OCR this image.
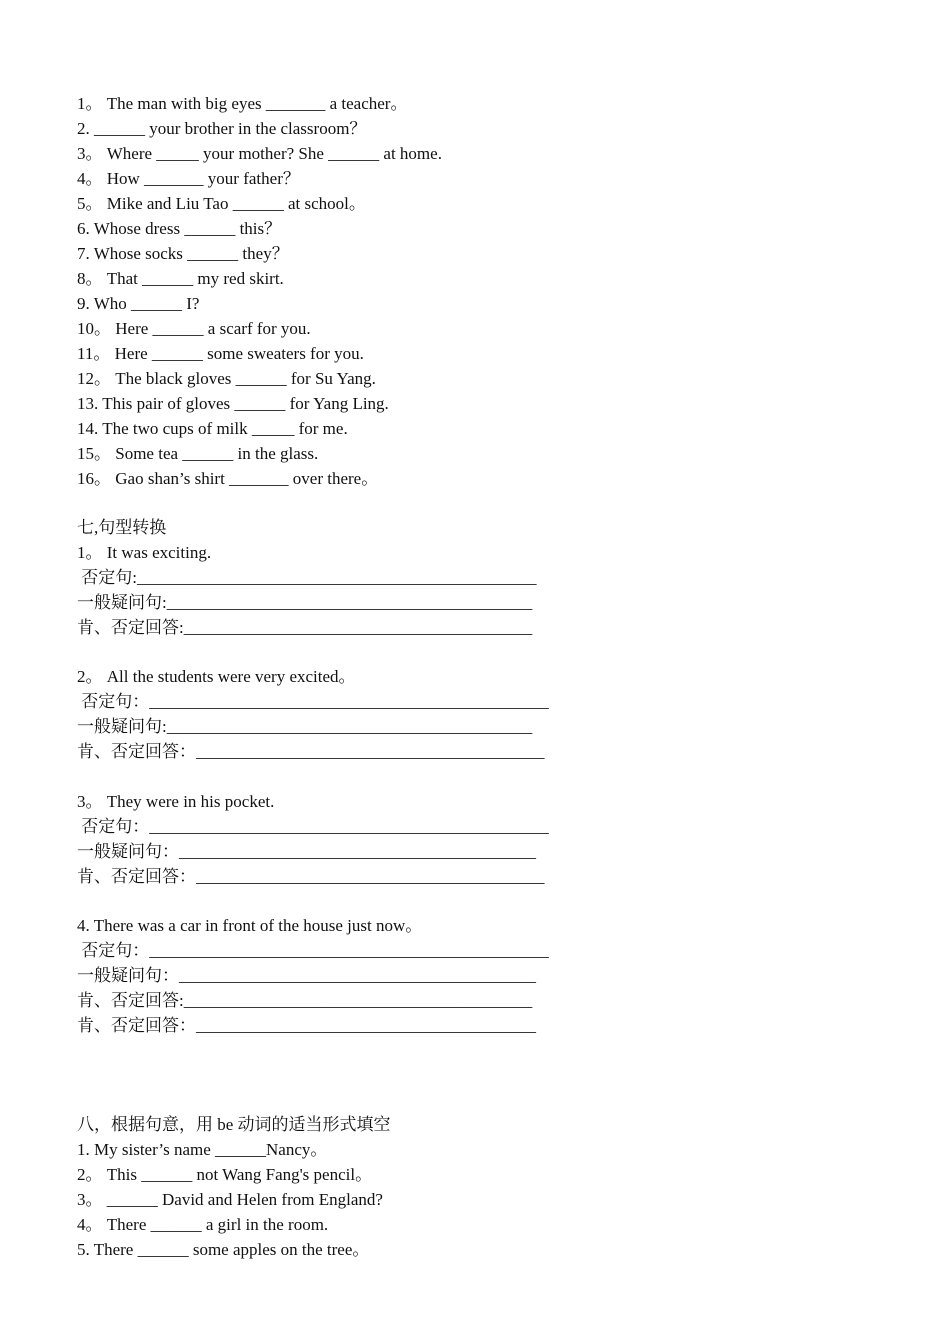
1。 The man with big eyes _______ a teacher。

2. ______ your brother in the classroom？

3。 Where _____ your mother? She ______ at home.

4。 How _______ your father？

5。 Mike and Liu Tao ______ at school。

6. Whose dress ______ this？

7. Whose socks ______ they？

8。 That ______ my red skirt.

9. Who ______ I?

10。 Here ______ a scarf for you.

11。 Here ______ some sweaters for you.

12。 The black gloves ______ for Su Yang.

13. This pair of gloves ______ for Yang Ling.

14. The two cups of milk _____ for me.

15。 Some tea ______ in the glass.

16。 Gao shan’s shirt _______ over there。

七,句型转换

1。 It was exciting.

否定句:_______________________________________________

一般疑问句:___________________________________________

肯、否定回答:_________________________________________

2。 All the students were very excited。

否定句：_______________________________________________

一般疑问句:___________________________________________

肯、否定回答：_________________________________________

3。 They were in his pocket.

否定句：_______________________________________________

一般疑问句：__________________________________________

肯、否定回答：_________________________________________

4. There was a car in front of the house just now。

否定句：_______________________________________________

一般疑问句：__________________________________________

肯、否定回答:_________________________________________

肯、否定回答：________________________________________

八，根据句意，用 be 动词的适当形式填空

1. My sister’s name ______Nancy。

2。 This ______ not Wang Fang's pencil。

3。 ______ David and Helen from England?

4。 There ______ a girl in the room.

5. There ______ some apples on the tree。
